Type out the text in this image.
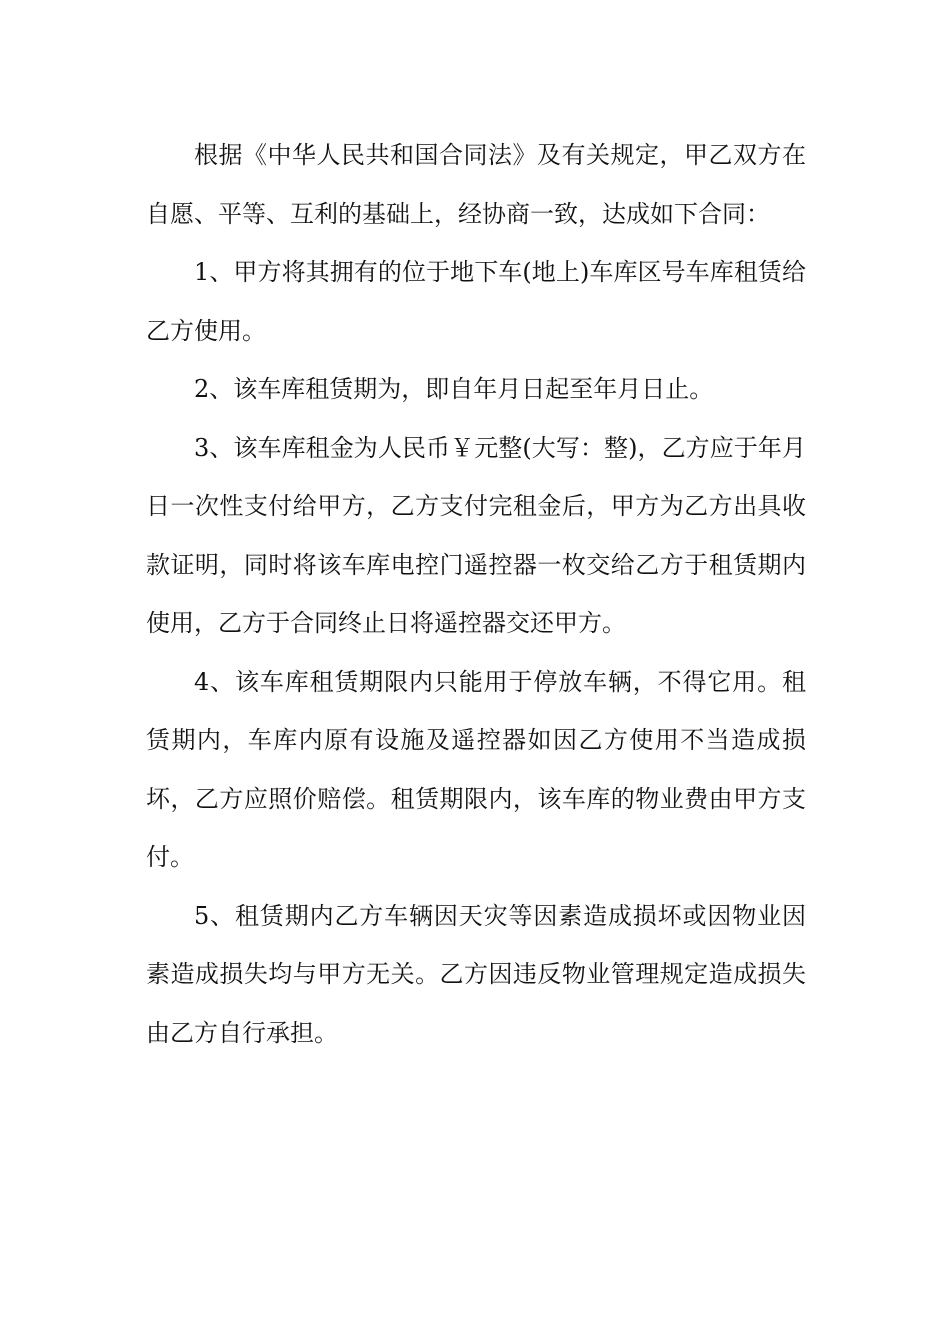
根据《中华人民共和国合同法》及有关规定，甲乙双方在自愿、平等、互利的基础上，经协商一致，达成如下合同：

1、甲方将其拥有的位于地下车(地上)车库区号车库租赁给乙方使用。

2、该车库租赁期为，即自年月日起至年月日止。

3、该车库租金为人民币￥元整(大写：整)，乙方应于年月日一次性支付给甲方，乙方支付完租金后，甲方为乙方出具收款证明，同时将该车库电控门遥控器一枚交给乙方于租赁期内使用，乙方于合同终止日将遥控器交还甲方。

4、该车库租赁期限内只能用于停放车辆，不得它用。租赁期内，车库内原有设施及遥控器如因乙方使用不当造成损坏，乙方应照价赔偿。租赁期限内，该车库的物业费由甲方支付。

5、租赁期内乙方车辆因天灾等因素造成损坏或因物业因素造成损失均与甲方无关。乙方因违反物业管理规定造成损失由乙方自行承担。
